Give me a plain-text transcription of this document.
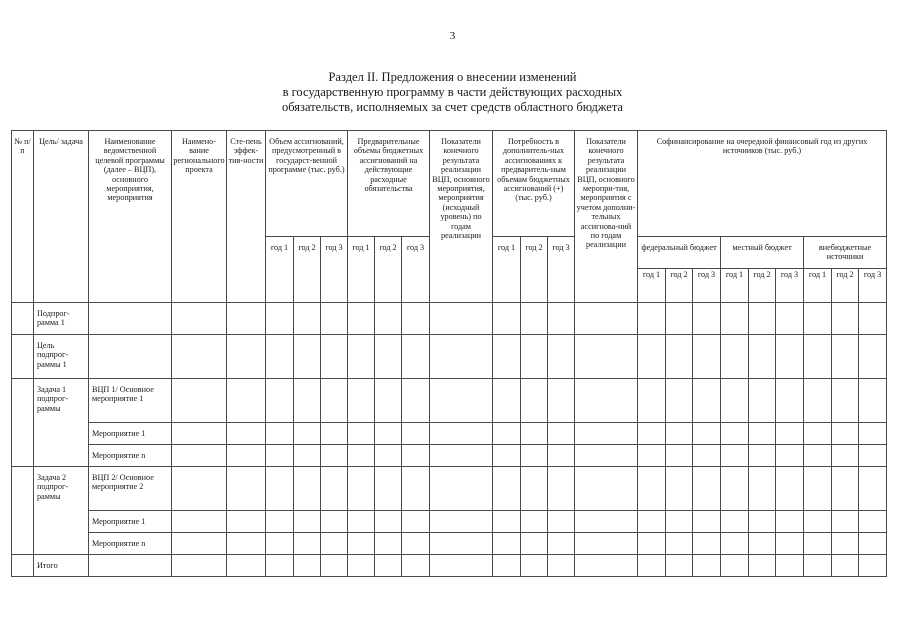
3
Раздел II. Предложения о внесении изменений
в государственную программу в части действующих расходных
обязательств, исполняемых за счет средств областного бюджета
№ п/п	Цель/ задача	Наименование ведомственной целевой программы (далее – ВЦП), основного мероприятия, мероприятия	Наимено-вание регионального проекта	Сте-пень эффек-тив-ности	Объем ассигнований, предусмотренный в государст-венной программе (тыс. руб.)			Предварительные объемы бюджетных ассигнований на действующие расходные обязательства			Показатели конечного результата реализации ВЦП, основного мероприятия, мероприятия (исходный уровень) по годам реализации	Потребность в дополнитель-ных ассигнованиях к предваритель-ным объемам бюджетных ассигнований (+) (тыс. руб.)			Показатели конечного результата реализации ВЦП, основного меропри-тия, мероприятия с учетом дополни-тельных ассигнова-ний по годам реализации	Софинансирование на очередной финансовый год из других источников (тыс. руб.)								
					год 1	год 2	год 3	год 1	год 2	год 3		год 1	год 2	год 3		федеральный бюджет			местный бюджет			внебюджетные источники		
																год 1	год 2	год 3	год 1	год 2	год 3	год 1	год 2	год 3
	Подпрог-рамма 1																							
	Цель подпрог-раммы 1																							
	Задача 1 подпрог-раммы	ВЦП 1/ Основное мероприятие 1																						
		Мероприятие 1																						
		Мероприятие n																						
	Задача 2 подпрог-раммы	ВЦП 2/ Основное мероприятие 2																						
		Мероприятие 1																						
		Мероприятие n																						
	Итого																							
